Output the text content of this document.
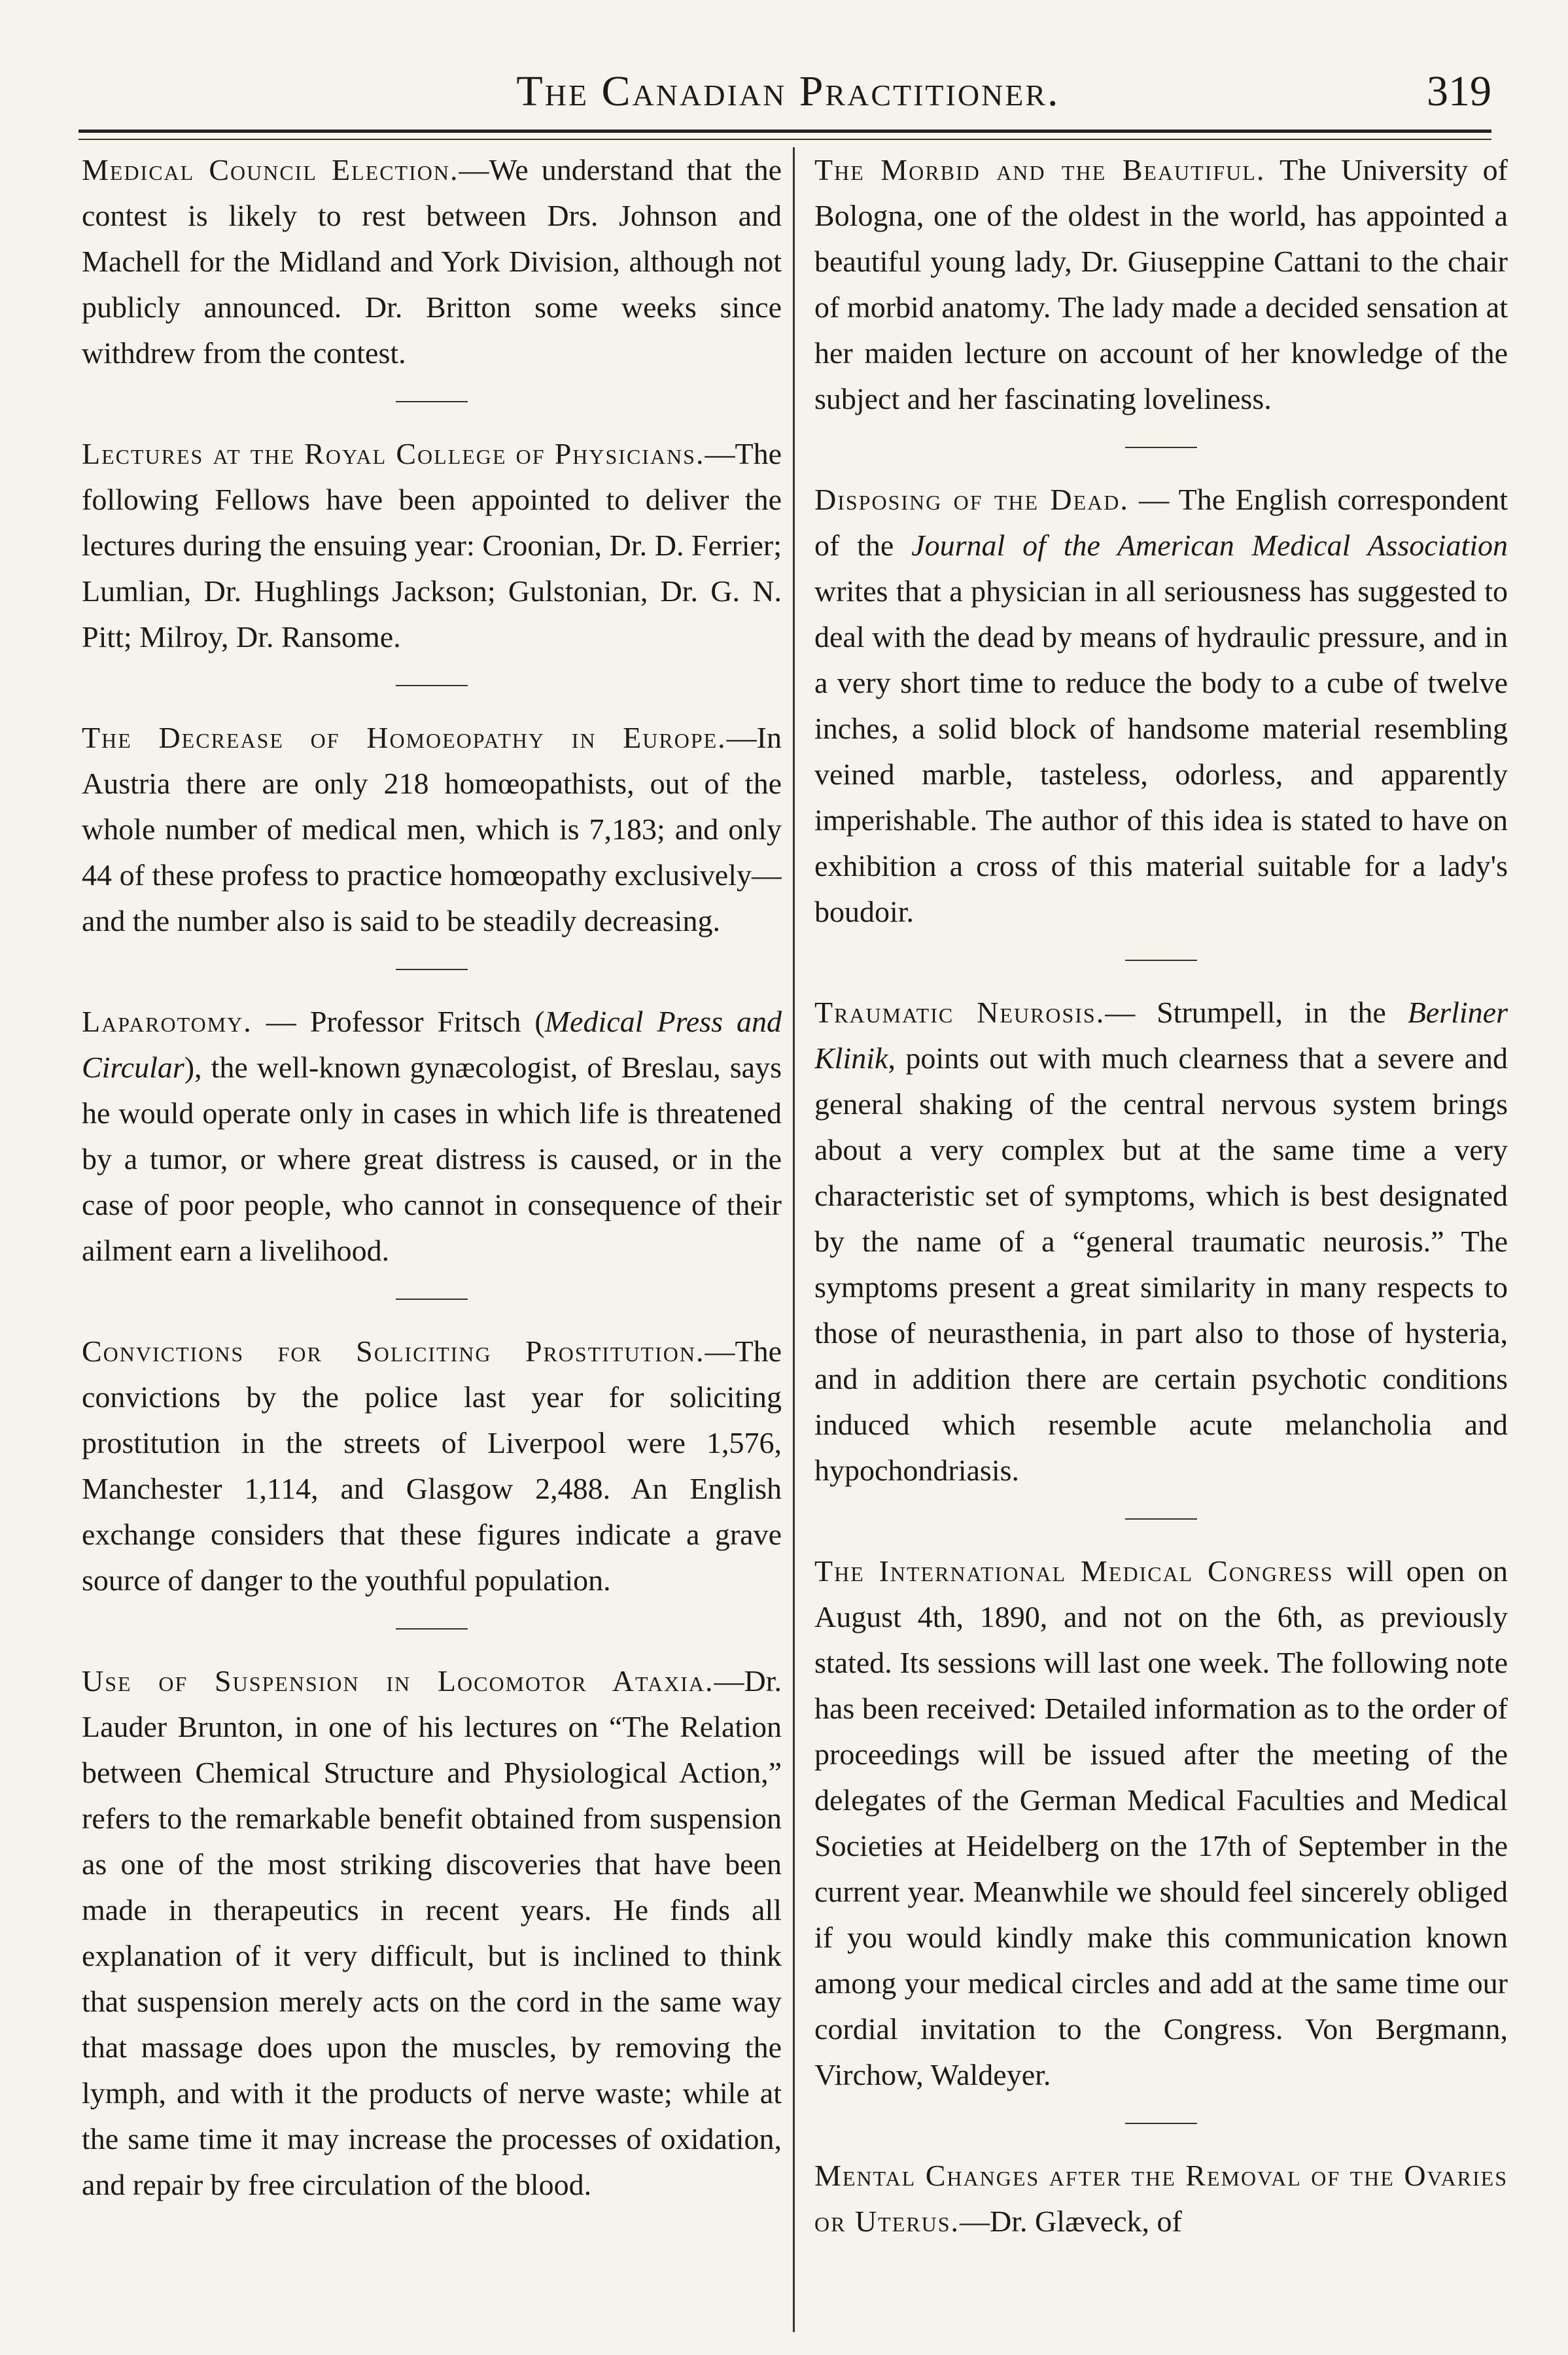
The Canadian Practitioner.	319

Medical Council Election.—We understand that the contest is likely to rest between Drs. Johnson and Machell for the Midland and York Division, although not publicly announced. Dr. Britton some weeks since withdrew from the contest.

Lectures at the Royal College of Physicians.—The following Fellows have been appointed to deliver the lectures during the ensuing year: Croonian, Dr. D. Ferrier; Lumlian, Dr. Hughlings Jackson; Gulstonian, Dr. G. N. Pitt; Milroy, Dr. Ransome.

The Decrease of Homoeopathy in Europe.—In Austria there are only 218 homœopathists, out of the whole number of medical men, which is 7,183; and only 44 of these profess to practice homœopathy exclusively—and the number also is said to be steadily decreasing.

Laparotomy. — Professor Fritsch (Medical Press and Circular), the well-known gynæcologist, of Breslau, says he would operate only in cases in which life is threatened by a tumor, or where great distress is caused, or in the case of poor people, who cannot in consequence of their ailment earn a livelihood.

Convictions for Soliciting Prostitution.—The convictions by the police last year for soliciting prostitution in the streets of Liverpool were 1,576, Manchester 1,114, and Glasgow 2,488. An English exchange considers that these figures indicate a grave source of danger to the youthful population.

Use of Suspension in Locomotor Ataxia.—Dr. Lauder Brunton, in one of his lectures on “The Relation between Chemical Structure and Physiological Action,” refers to the remarkable benefit obtained from suspension as one of the most striking discoveries that have been made in therapeutics in recent years. He finds all explanation of it very difficult, but is inclined to think that suspension merely acts on the cord in the same way that massage does upon the muscles, by removing the lymph, and with it the products of nerve waste; while at the same time it may increase the processes of oxidation, and repair by free circulation of the blood.

The Morbid and the Beautiful. The University of Bologna, one of the oldest in the world, has appointed a beautiful young lady, Dr. Giuseppine Cattani to the chair of morbid anatomy. The lady made a decided sensation at her maiden lecture on account of her knowledge of the subject and her fascinating loveliness.

Disposing of the Dead. — The English correspondent of the Journal of the American Medical Association writes that a physician in all seriousness has suggested to deal with the dead by means of hydraulic pressure, and in a very short time to reduce the body to a cube of twelve inches, a solid block of handsome material resembling veined marble, tasteless, odorless, and apparently imperishable. The author of this idea is stated to have on exhibition a cross of this material suitable for a lady's boudoir.

Traumatic Neurosis.— Strumpell, in the Berliner Klinik, points out with much clearness that a severe and general shaking of the central nervous system brings about a very complex but at the same time a very characteristic set of symptoms, which is best designated by the name of a “general traumatic neurosis.” The symptoms present a great similarity in many respects to those of neurasthenia, in part also to those of hysteria, and in addition there are certain psychotic conditions induced which resemble acute melancholia and hypochondriasis.

The International Medical Congress will open on August 4th, 1890, and not on the 6th, as previously stated. Its sessions will last one week. The following note has been received: Detailed information as to the order of proceedings will be issued after the meeting of the delegates of the German Medical Faculties and Medical Societies at Heidelberg on the 17th of September in the current year. Meanwhile we should feel sincerely obliged if you would kindly make this communication known among your medical circles and add at the same time our cordial invitation to the Congress. Von Bergmann, Virchow, Waldeyer.

Mental Changes after the Removal of the Ovaries or Uterus.—Dr. Glæveck, of
